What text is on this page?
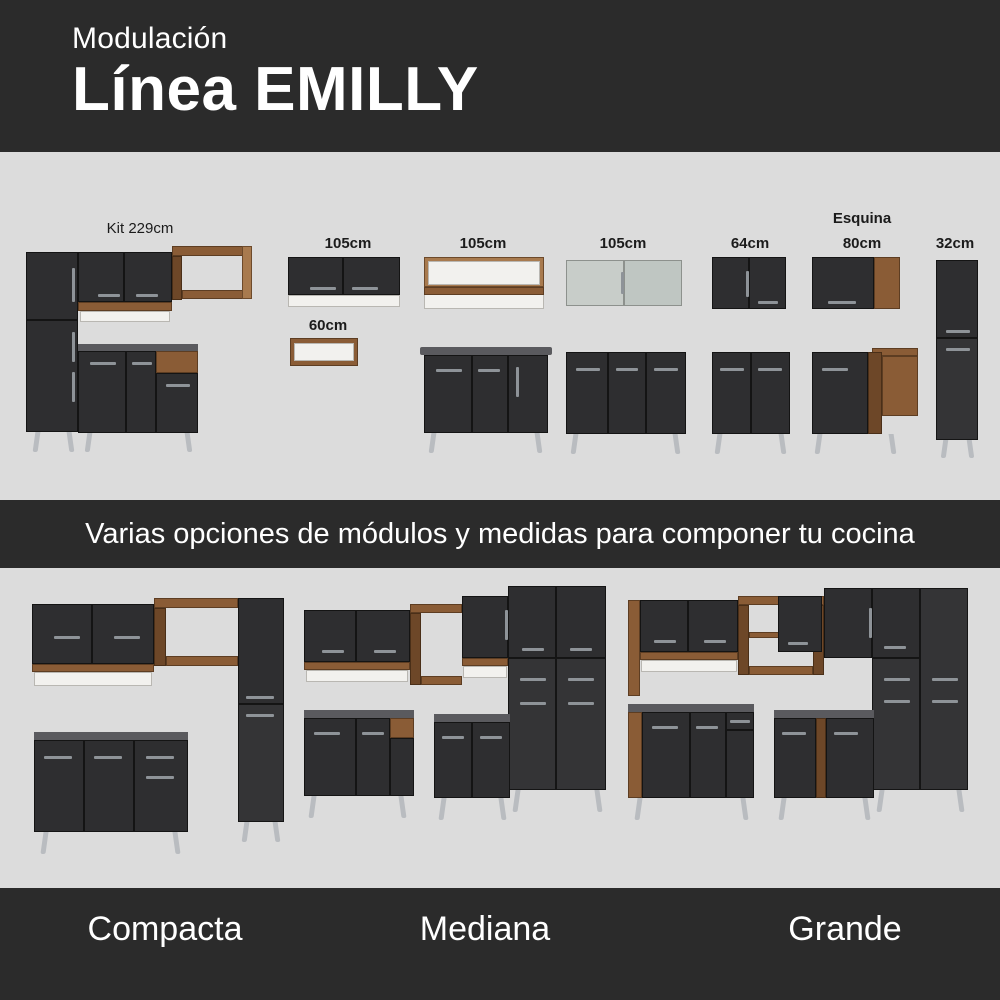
Modulación
Línea EMILLY
Kit 229cm
105cm
60cm
105cm	105cm	64cm
Esquina
80cm	32cm
Varias opciones de módulos y medidas para componer tu cocina
Compacta	Mediana	Grande
